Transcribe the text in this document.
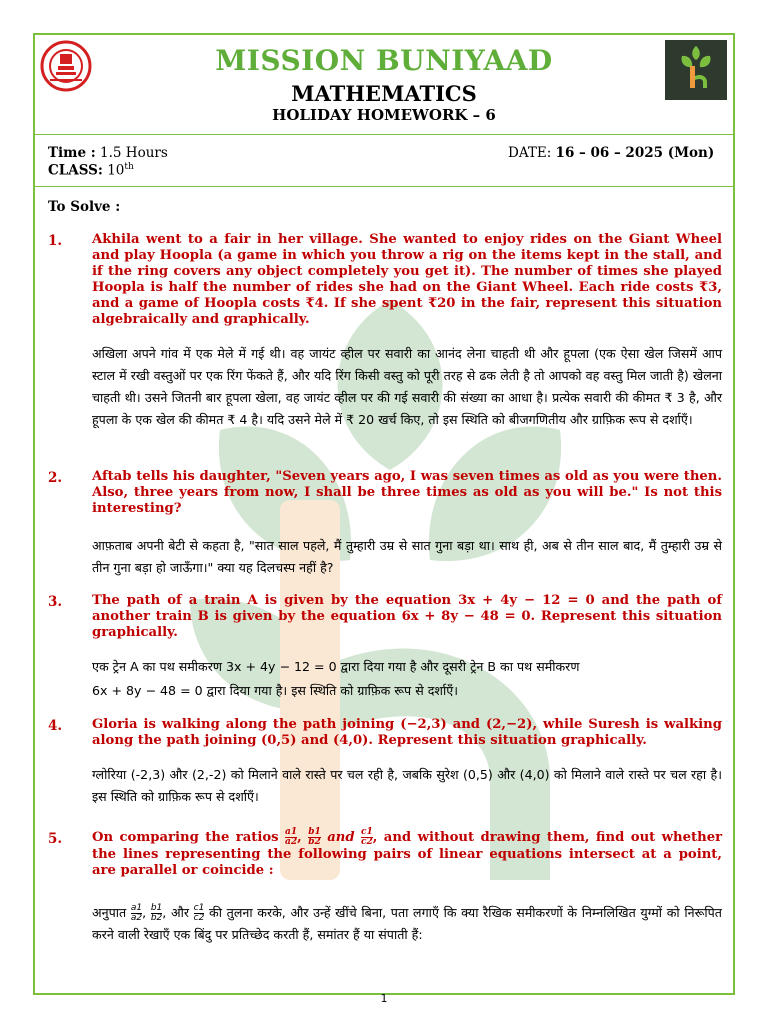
MISSION BUNIYAAD
MATHEMATICS
HOLIDAY HOMEWORK – 6
Time : 1.5 Hours
CLASS: 10th
DATE: 16 – 06 – 2025 (Mon)
To Solve :
1. Akhila went to a fair in her village. She wanted to enjoy rides on the Giant Wheel and play Hoopla (a game in which you throw a rig on the items kept in the stall, and if the ring covers any object completely you get it). The number of times she played Hoopla is half the number of rides she had on the Giant Wheel. Each ride costs ₹3, and a game of Hoopla costs ₹4. If she spent ₹20 in the fair, represent this situation algebraically and graphically.
अखिला अपने गांव में एक मेले में गई थी। वह जायंट व्हील पर सवारी का आनंद लेना चाहती थी और हूपला (एक ऐसा खेल जिसमें आप स्टाल में रखी वस्तुओं पर एक रिंग फेंकते हैं, और यदि रिंग किसी वस्तु को पूरी तरह से ढक लेती है तो आपको वह वस्तु मिल जाती है) खेलना चाहती थी। उसने जितनी बार हूपला खेला, वह जायंट व्हील पर की गई सवारी की संख्या का आधा है। प्रत्येक सवारी की कीमत ₹ 3 है, और हूपला के एक खेल की कीमत ₹ 4 है। यदि उसने मेले में ₹ 20 खर्च किए, तो इस स्थिति को बीजगणितीय और ग्राफ़िक रूप से दर्शाएँ।
2. Aftab tells his daughter, "Seven years ago, I was seven times as old as you were then. Also, three years from now, I shall be three times as old as you will be." Is not this interesting?
आफ़ताब अपनी बेटी से कहता है, "सात साल पहले, मैं तुम्हारी उम्र से सात गुना बड़ा था। साथ ही, अब से तीन साल बाद, मैं तुम्हारी उम्र से तीन गुना बड़ा हो जाऊँगा।" क्या यह दिलचस्प नहीं है?
3. The path of a train A is given by the equation 3x + 4y − 12 = 0 and the path of another train B is given by the equation 6x + 8y − 48 = 0. Represent this situation graphically.
एक ट्रेन A का पथ समीकरण 3x + 4y − 12 = 0 द्वारा दिया गया है और दूसरी ट्रेन B का पथ समीकरण
6x + 8y − 48 = 0 द्वारा दिया गया है। इस स्थिति को ग्राफ़िक रूप से दर्शाएँ।
4. Gloria is walking along the path joining (−2,3) and (2,−2), while Suresh is walking along the path joining (0,5) and (4,0). Represent this situation graphically.
ग्लोरिया (-2,3) और (2,-2) को मिलाने वाले रास्ते पर चल रही है, जबकि सुरेश (0,5) और (4,0) को मिलाने वाले रास्ते पर चल रहा है। इस स्थिति को ग्राफ़िक रूप से दर्शाएँ।
5. On comparing the ratios $\frac{a1}{a2}$ , $\frac{b1}{b2}$ and $\frac{c1}{c2}$ , and without drawing them, find out whether the lines representing the following pairs of linear equations intersect at a point, are parallel or coincide :
अनुपात $\frac{a1}{a2}$ , $\frac{b1}{b2}$ , और $\frac{c1}{c2}$ की तुलना करके, और उन्हें खींचे बिना, पता लगाएँ कि क्या रैखिक समीकरणों के निम्नलिखित युग्मों को निरूपित करने वाली रेखाएँ एक बिंदु पर प्रतिच्छेद करती हैं, समांतर हैं या संपाती हैं:
1
